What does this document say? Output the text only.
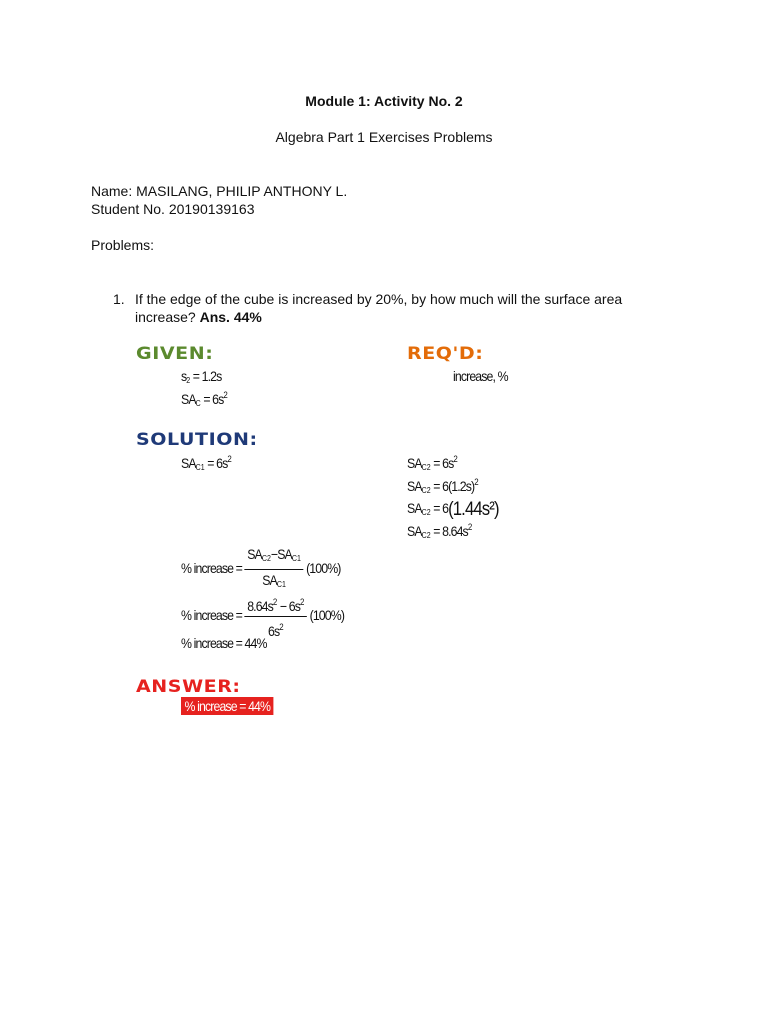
Module 1: Activity No. 2
Algebra Part 1 Exercises Problems
Name: MASILANG, PHILIP ANTHONY L.
Student No. 20190139163
Problems:
1. If the edge of the cube is increased by 20%, by how much will the surface area
increase? Ans. 44%
GIVEN:
$s_2 = 1.2s$
$SA_C = 6s^2$
REQ'D:
increase, %
SOLUTION:
$SA_{C1} = 6s^2$	$SA_{C2} = 6s^2$
$SA_{C2} = 6(1.2s)^2$
$SA_{C2} = 6(1.44s^2)$
$SA_{C2} = 8.64s^2$
% increase = $\frac{SA_{C2}-SA_{C1}}{SA_{C1}} (100\%)$
% increase = $\frac{8.64s^2 - 6s^2}{6s^2} (100\%)$
% increase = 44%
ANSWER:
% increase = 44%
